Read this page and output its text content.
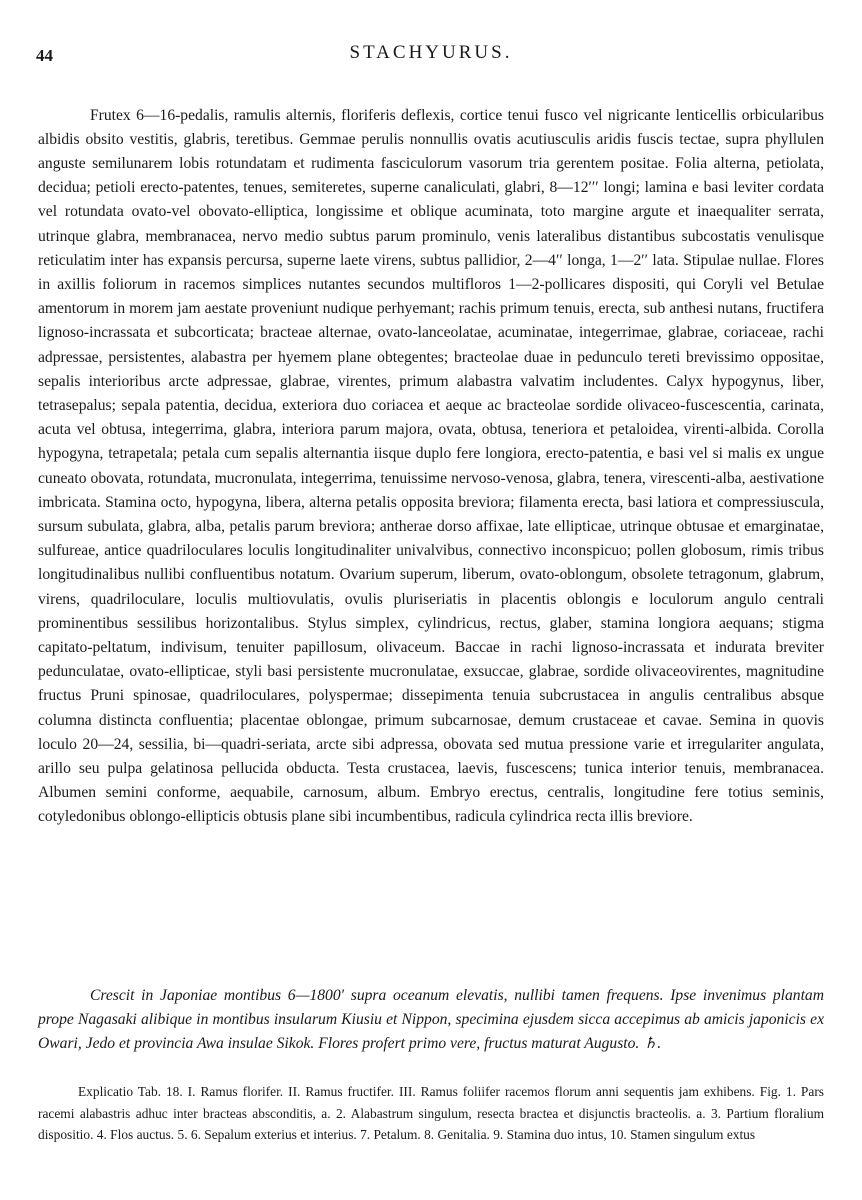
44	STACHYURUS.

Frutex 6—16-pedalis, ramulis alternis, floriferis deflexis, cortice tenui fusco vel nigricante lenticellis orbicularibus albidis obsito vestitis, glabris, teretibus. Gemmae perulis nonnullis ovatis acutiusculis aridis fuscis tectae, supra phyllulen anguste semilunarem lobis rotundatam et rudimenta fasciculorum vasorum tria gerentem positae. Folia alterna, petiolata, decidua; petioli erecto-patentes, tenues, semiteretes, superne canaliculati, glabri, 8—12′′′ longi; lamina e basi leviter cordata vel rotundata ovato-vel obovato-elliptica, longissime et oblique acuminata, toto margine argute et inaequaliter serrata, utrinque glabra, membranacea, nervo medio subtus parum prominulo, venis lateralibus distantibus subcostatis venulisque reticulatim inter has expansis percursa, superne laete virens, subtus pallidior, 2—4′′ longa, 1—2′′ lata. Stipulae nullae. Flores in axillis foliorum in racemos simplices nutantes secundos multifloros 1—2-pollicares dispositi, qui Coryli vel Betulae amentorum in morem jam aestate proveniunt nudique perhyemant; rachis primum tenuis, erecta, sub anthesi nutans, fructifera lignoso-incrassata et subcorticata; bracteae alternae, ovato-lanceolatae, acuminatae, integerrimae, glabrae, coriaceae, rachi adpressae, persistentes, alabastra per hyemem plane obtegentes; bracteolae duae in pedunculo tereti brevissimo oppositae, sepalis interioribus arcte adpressae, glabrae, virentes, primum alabastra valvatim includentes. Calyx hypogynus, liber, tetrasepalus; sepala patentia, decidua, exteriora duo coriacea et aeque ac bracteolae sordide olivaceo-fuscescentia, carinata, acuta vel obtusa, integerrima, glabra, interiora parum majora, ovata, obtusa, teneriora et petaloidea, virenti-albida. Corolla hypogyna, tetrapetala; petala cum sepalis alternantia iisque duplo fere longiora, erecto-patentia, e basi vel si malis ex ungue cuneato obovata, rotundata, mucronulata, integerrima, tenuissime nervoso-venosa, glabra, tenera, virescenti-alba, aestivatione imbricata. Stamina octo, hypogyna, libera, alterna petalis opposita breviora; filamenta erecta, basi latiora et compressiuscula, sursum subulata, glabra, alba, petalis parum breviora; antherae dorso affixae, late ellipticae, utrinque obtusae et emarginatae, sulfureae, antice quadriloculares loculis longitudinaliter univalvibus, connectivo inconspicuo; pollen globosum, rimis tribus longitudinalibus nullibi confluentibus notatum. Ovarium superum, liberum, ovato-oblongum, obsolete tetragonum, glabrum, virens, quadriloculare, loculis multiovulatis, ovulis pluriseriatis in placentis oblongis e loculorum angulo centrali prominentibus sessilibus horizontalibus. Stylus simplex, cylindricus, rectus, glaber, stamina longiora aequans; stigma capitato-peltatum, indivisum, tenuiter papillosum, olivaceum. Baccae in rachi lignoso-incrassata et indurata breviter pedunculatae, ovato-ellipticae, styli basi persistente mucronulatae, exsuccae, glabrae, sordide olivaceovirentes, magnitudine fructus Pruni spinosae, quadriloculares, polyspermae; dissepimenta tenuia subcrustacea in angulis centralibus absque columna distincta confluentia; placentae oblongae, primum subcarnosae, demum crustaceae et cavae. Semina in quovis loculo 20—24, sessilia, bi—quadri-seriata, arcte sibi adpressa, obovata sed mutua pressione varie et irregulariter angulata, arillo seu pulpa gelatinosa pellucida obducta. Testa crustacea, laevis, fuscescens; tunica interior tenuis, membranacea. Albumen semini conforme, aequabile, carnosum, album. Embryo erectus, centralis, longitudine fere totius seminis, cotyledonibus oblongo-ellipticis obtusis plane sibi incumbentibus, radicula cylindrica recta illis breviore.

Crescit in Japoniae montibus 6—1800′ supra oceanum elevatis, nullibi tamen frequens. Ipse invenimus plantam prope Nagasaki alibique in montibus insularum Kiusiu et Nippon, specimina ejusdem sicca accepimus ab amicis japonicis ex Owari, Jedo et provincia Awa insulae Sikok. Flores profert primo vere, fructus maturat Augusto. ♄.

Explicatio Tab. 18. I. Ramus florifer. II. Ramus fructifer. III. Ramus foliifer racemos florum anni sequentis jam exhibens. Fig. 1. Pars racemi alabastris adhuc inter bracteas absconditis, a. 2. Alabastrum singulum, resecta bractea et disjunctis bracteolis. a. 3. Partium floralium dispositio. 4. Flos auctus. 5. 6. Sepalum exterius et interius. 7. Petalum. 8. Genitalia. 9. Stamina duo intus, 10. Stamen singulum extus
